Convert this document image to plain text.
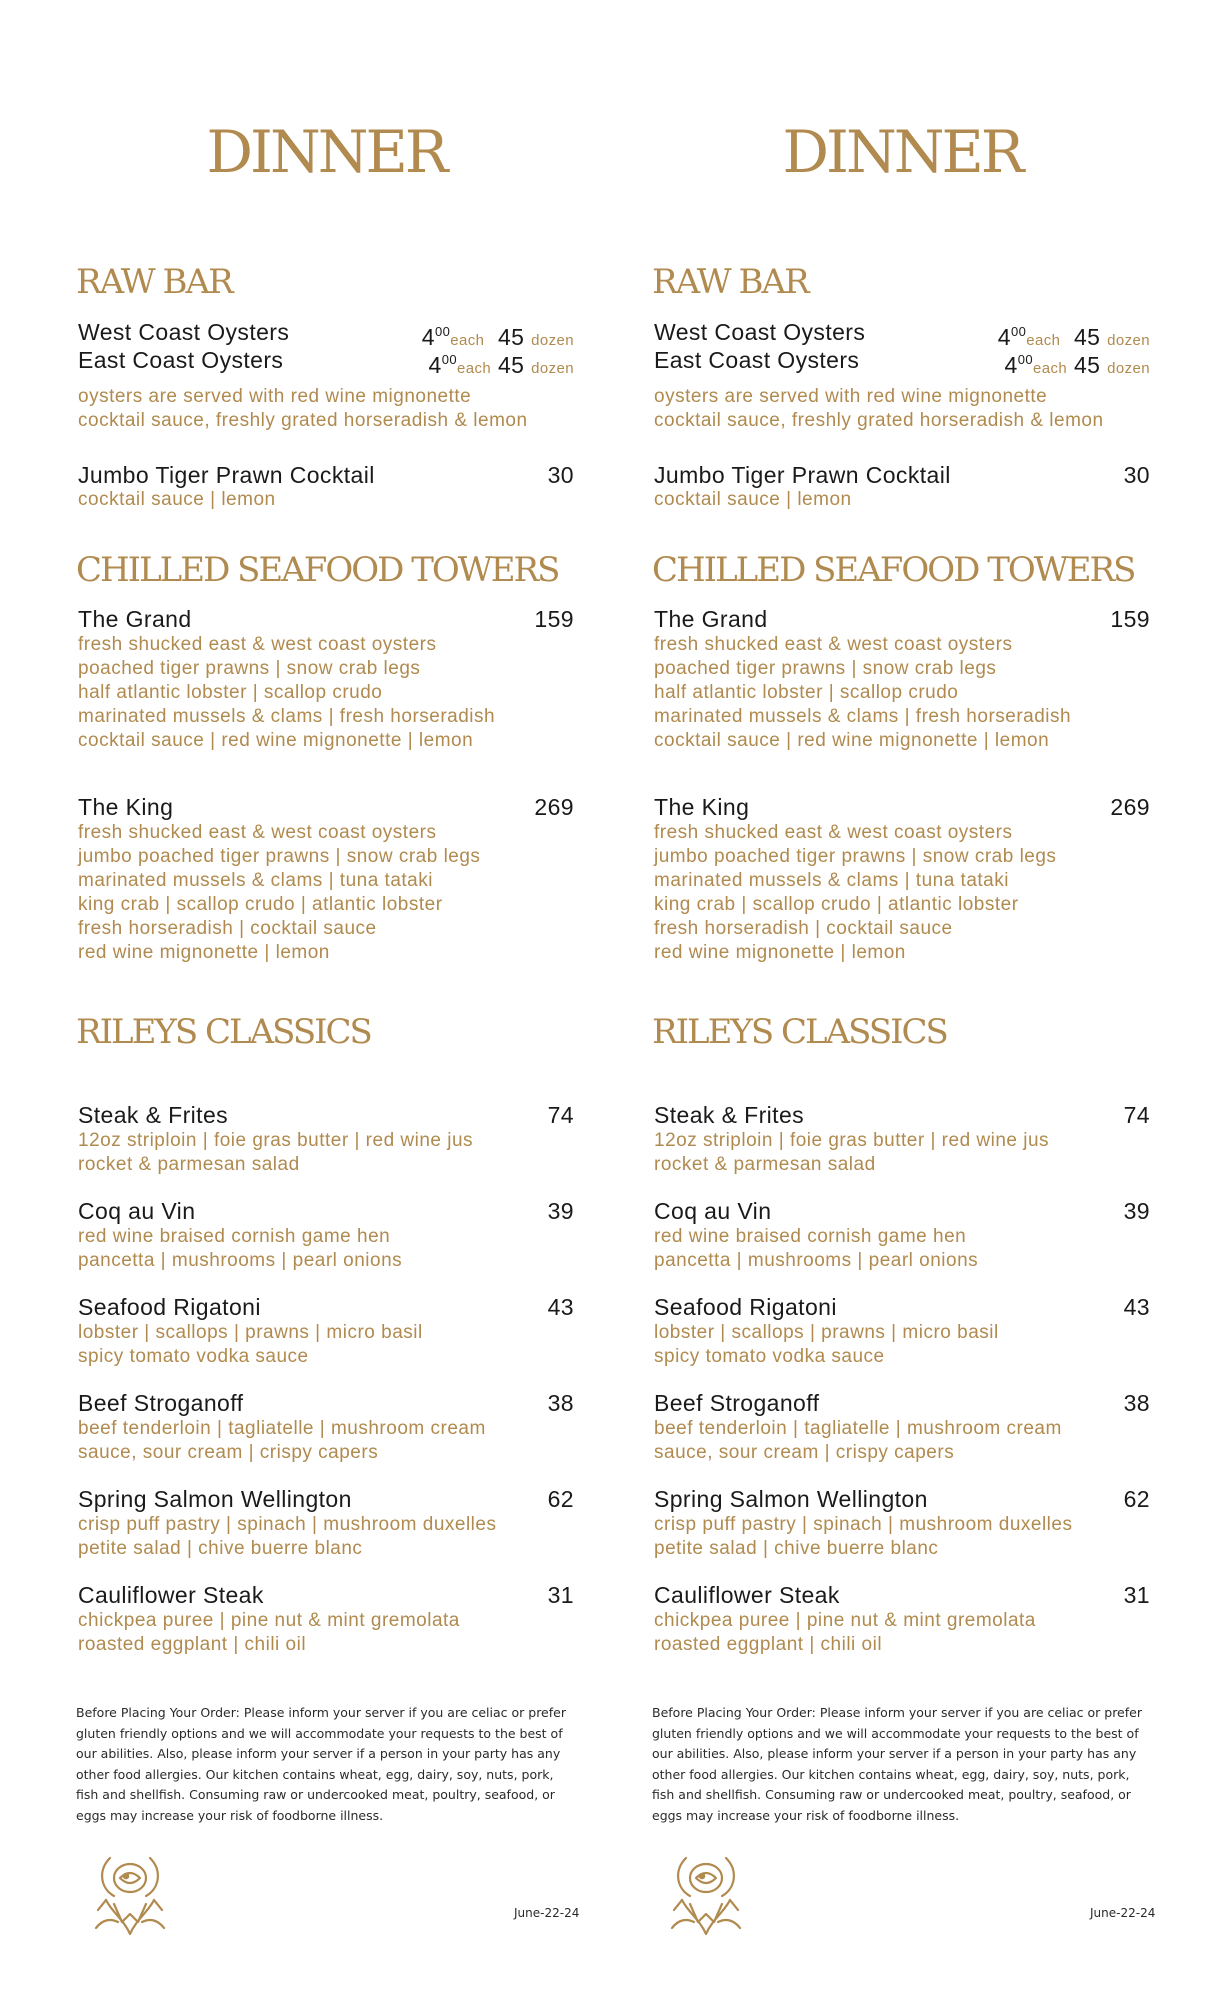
DINNER
RAW BAR
West Coast Oysters	$4^{00}each$ 45 dozen
East Coast Oysters	$4^{00}each$ 45 dozen
oysters are served with red wine mignonette
cocktail sauce, freshly grated horseradish & lemon
Jumbo Tiger Prawn Cocktail	30
cocktail sauce | lemon
CHILLED SEAFOOD TOWERS
The Grand	159
fresh shucked east & west coast oysters
poached tiger prawns | snow crab legs
half atlantic lobster | scallop crudo
marinated mussels & clams | fresh horseradish
cocktail sauce | red wine mignonette | lemon
The King	269
fresh shucked east & west coast oysters
jumbo poached tiger prawns | snow crab legs
marinated mussels & clams | tuna tataki
king crab | scallop crudo | atlantic lobster
fresh horseradish | cocktail sauce
red wine mignonette | lemon
RILEYS CLASSICS
Steak & Frites	74
12oz striploin | foie gras butter | red wine jus
rocket & parmesan salad
Coq au Vin	39
red wine braised cornish game hen
pancetta | mushrooms | pearl onions
Seafood Rigatoni	43
lobster | scallops | prawns | micro basil
spicy tomato vodka sauce
Beef Stroganoff	38
beef tenderloin | tagliatelle | mushroom cream
sauce, sour cream | crispy capers
Spring Salmon Wellington	62
crisp puff pastry | spinach | mushroom duxelles
petite salad | chive buerre blanc
Cauliflower Steak	31
chickpea puree | pine nut & mint gremolata
roasted eggplant | chili oil
Before Placing Your Order: Please inform your server if you are celiac or prefer gluten friendly options and we will accommodate your requests to the best of our abilities. Also, please inform your server if a person in your party has any other food allergies. Our kitchen contains wheat, egg, dairy, soy, nuts, pork, fish and shellfish. Consuming raw or undercooked meat, poultry, seafood, or eggs may increase your risk of foodborne illness.
June-22-24
DINNER
RAW BAR
West Coast Oysters	$4^{00}each$ 45 dozen
East Coast Oysters	$4^{00}each$ 45 dozen
oysters are served with red wine mignonette
cocktail sauce, freshly grated horseradish & lemon
Jumbo Tiger Prawn Cocktail	30
cocktail sauce | lemon
CHILLED SEAFOOD TOWERS
The Grand	159
fresh shucked east & west coast oysters
poached tiger prawns | snow crab legs
half atlantic lobster | scallop crudo
marinated mussels & clams | fresh horseradish
cocktail sauce | red wine mignonette | lemon
The King	269
fresh shucked east & west coast oysters
jumbo poached tiger prawns | snow crab legs
marinated mussels & clams | tuna tataki
king crab | scallop crudo | atlantic lobster
fresh horseradish | cocktail sauce
red wine mignonette | lemon
RILEYS CLASSICS
Steak & Frites	74
12oz striploin | foie gras butter | red wine jus
rocket & parmesan salad
Coq au Vin	39
red wine braised cornish game hen
pancetta | mushrooms | pearl onions
Seafood Rigatoni	43
lobster | scallops | prawns | micro basil
spicy tomato vodka sauce
Beef Stroganoff	38
beef tenderloin | tagliatelle | mushroom cream
sauce, sour cream | crispy capers
Spring Salmon Wellington	62
crisp puff pastry | spinach | mushroom duxelles
petite salad | chive buerre blanc
Cauliflower Steak	31
chickpea puree | pine nut & mint gremolata
roasted eggplant | chili oil
Before Placing Your Order: Please inform your server if you are celiac or prefer gluten friendly options and we will accommodate your requests to the best of our abilities. Also, please inform your server if a person in your party has any other food allergies. Our kitchen contains wheat, egg, dairy, soy, nuts, pork, fish and shellfish. Consuming raw or undercooked meat, poultry, seafood, or eggs may increase your risk of foodborne illness.
June-22-24
